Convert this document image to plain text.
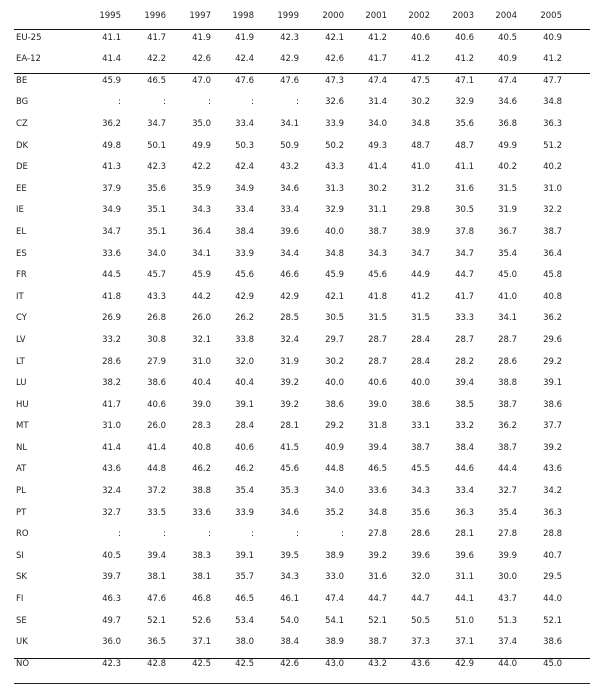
1995	1996	1997	1998	1999	2000	2001	2002	2003	2004	2005
EU-25	41.1	41.7	41.9	41.9	42.3	42.1	41.2	40.6	40.6	40.5	40.9
EA-12	41.4	42.2	42.6	42.4	42.9	42.6	41.7	41.2	41.2	40.9	41.2
BE	45.9	46.5	47.0	47.6	47.6	47.3	47.4	47.5	47.1	47.4	47.7
BG	:	:	:	:	:	32.6	31.4	30.2	32.9	34.6	34.8
CZ	36.2	34.7	35.0	33.4	34.1	33.9	34.0	34.8	35.6	36.8	36.3
DK	49.8	50.1	49.9	50.3	50.9	50.2	49.3	48.7	48.7	49.9	51.2
DE	41.3	42.3	42.2	42.4	43.2	43.3	41.4	41.0	41.1	40.2	40.2
EE	37.9	35.6	35.9	34.9	34.6	31.3	30.2	31.2	31.6	31.5	31.0
IE	34.9	35.1	34.3	33.4	33.4	32.9	31.1	29.8	30.5	31.9	32.2
EL	34.7	35.1	36.4	38.4	39.6	40.0	38.7	38.9	37.8	36.7	38.7
ES	33.6	34.0	34.1	33.9	34.4	34.8	34.3	34.7	34.7	35.4	36.4
FR	44.5	45.7	45.9	45.6	46.6	45.9	45.6	44.9	44.7	45.0	45.8
IT	41.8	43.3	44.2	42.9	42.9	42.1	41.8	41.2	41.7	41.0	40.8
CY	26.9	26.8	26.0	26.2	28.5	30.5	31.5	31.5	33.3	34.1	36.2
LV	33.2	30.8	32.1	33.8	32.4	29.7	28.7	28.4	28.7	28.7	29.6
LT	28.6	27.9	31.0	32.0	31.9	30.2	28.7	28.4	28.2	28.6	29.2
LU	38.2	38.6	40.4	40.4	39.2	40.0	40.6	40.0	39.4	38.8	39.1
HU	41.7	40.6	39.0	39.1	39.2	38.6	39.0	38.6	38.5	38.7	38.6
MT	31.0	26.0	28.3	28.4	28.1	29.2	31.8	33.1	33.2	36.2	37.7
NL	41.4	41.4	40.8	40.6	41.5	40.9	39.4	38.7	38.4	38.7	39.2
AT	43.6	44.8	46.2	46.2	45.6	44.8	46.5	45.5	44.6	44.4	43.6
PL	32.4	37.2	38.8	35.4	35.3	34.0	33.6	34.3	33.4	32.7	34.2
PT	32.7	33.5	33.6	33.9	34.6	35.2	34.8	35.6	36.3	35.4	36.3
RO	:	:	:	:	:	:	27.8	28.6	28.1	27.8	28.8
SI	40.5	39.4	38.3	39.1	39.5	38.9	39.2	39.6	39.6	39.9	40.7
SK	39.7	38.1	38.1	35.7	34.3	33.0	31.6	32.0	31.1	30.0	29.5
FI	46.3	47.6	46.8	46.5	46.1	47.4	44.7	44.7	44.1	43.7	44.0
SE	49.7	52.1	52.6	53.4	54.0	54.1	52.1	50.5	51.0	51.3	52.1
UK	36.0	36.5	37.1	38.0	38.4	38.9	38.7	37.3	37.1	37.4	38.6
NO	42.3	42.8	42.5	42.5	42.6	43.0	43.2	43.6	42.9	44.0	45.0
